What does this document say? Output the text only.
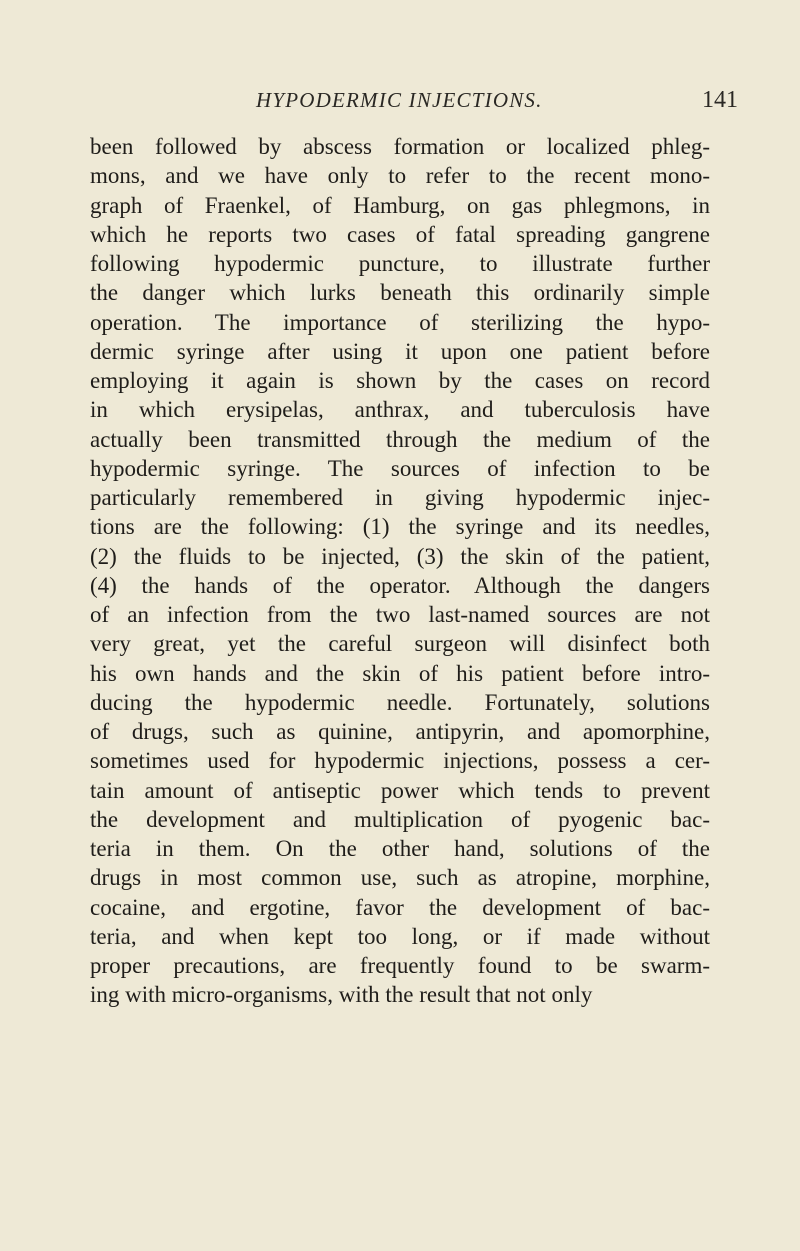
HYPODERMIC INJECTIONS.	141
been followed by abscess formation or localized phleg-
mons, and we have only to refer to the recent mono-
graph of Fraenkel, of Hamburg, on gas phlegmons, in
which he reports two cases of fatal spreading gangrene
following hypodermic puncture, to illustrate further
the danger which lurks beneath this ordinarily simple
operation. The importance of sterilizing the hypo-
dermic syringe after using it upon one patient before
employing it again is shown by the cases on record
in which erysipelas, anthrax, and tuberculosis have
actually been transmitted through the medium of the
hypodermic syringe. The sources of infection to be
particularly remembered in giving hypodermic injec-
tions are the following: (1) the syringe and its needles,
(2) the fluids to be injected, (3) the skin of the patient,
(4) the hands of the operator. Although the dangers
of an infection from the two last-named sources are not
very great, yet the careful surgeon will disinfect both
his own hands and the skin of his patient before intro-
ducing the hypodermic needle. Fortunately, solutions
of drugs, such as quinine, antipyrin, and apomorphine,
sometimes used for hypodermic injections, possess a cer-
tain amount of antiseptic power which tends to prevent
the development and multiplication of pyogenic bac-
teria in them. On the other hand, solutions of the
drugs in most common use, such as atropine, morphine,
cocaine, and ergotine, favor the development of bac-
teria, and when kept too long, or if made without
proper precautions, are frequently found to be swarm-
ing with micro-organisms, with the result that not only
